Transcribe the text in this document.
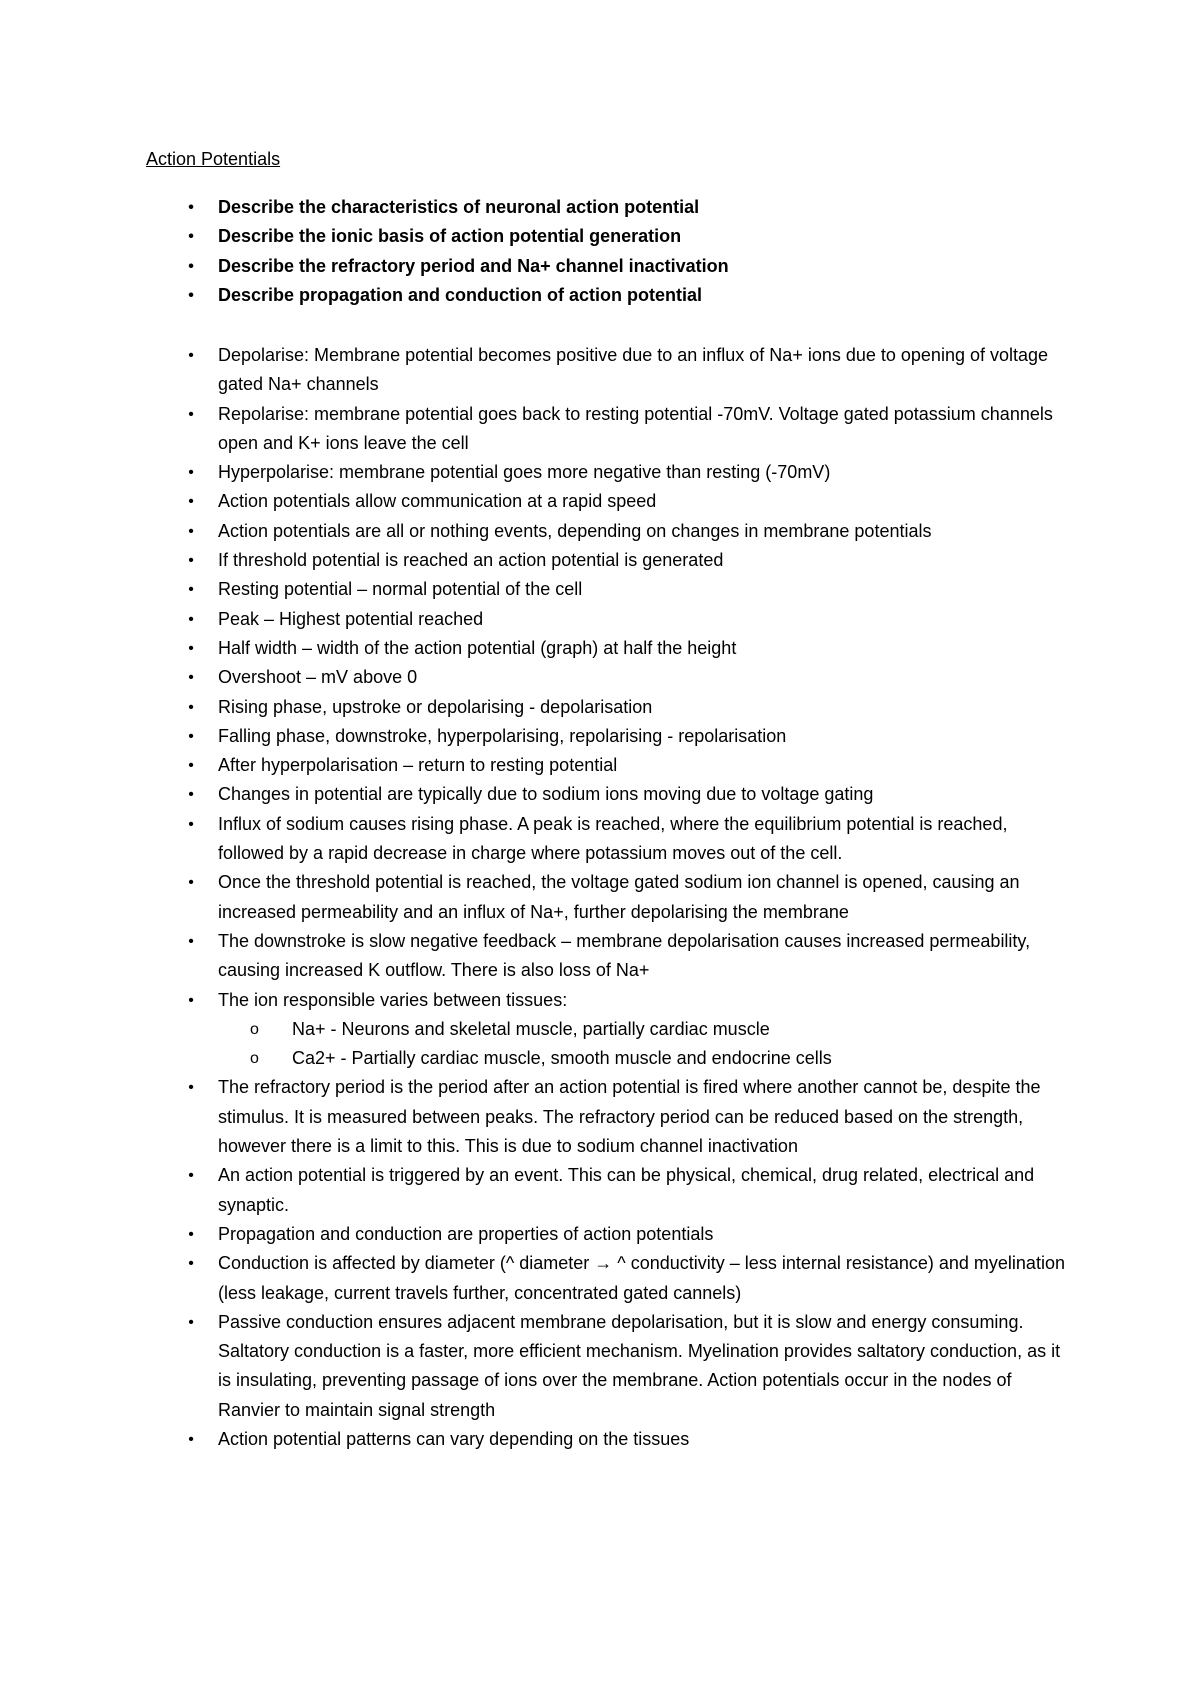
Action Potentials
• Describe the characteristics of neuronal action potential
• Describe the ionic basis of action potential generation
• Describe the refractory period and Na+ channel inactivation
• Describe propagation and conduction of action potential
• Depolarise: Membrane potential becomes positive due to an influx of Na+ ions due to opening of voltage gated Na+ channels
• Repolarise: membrane potential goes back to resting potential -70mV. Voltage gated potassium channels open and K+ ions leave the cell
• Hyperpolarise: membrane potential goes more negative than resting (-70mV)
• Action potentials allow communication at a rapid speed
• Action potentials are all or nothing events, depending on changes in membrane potentials
• If threshold potential is reached an action potential is generated
• Resting potential – normal potential of the cell
• Peak – Highest potential reached
• Half width – width of the action potential (graph) at half the height
• Overshoot – mV above 0
• Rising phase, upstroke or depolarising - depolarisation
• Falling phase, downstroke, hyperpolarising, repolarising - repolarisation
• After hyperpolarisation – return to resting potential
• Changes in potential are typically due to sodium ions moving due to voltage gating
• Influx of sodium causes rising phase. A peak is reached, where the equilibrium potential is reached, followed by a rapid decrease in charge where potassium moves out of the cell.
• Once the threshold potential is reached, the voltage gated sodium ion channel is opened, causing an increased permeability and an influx of Na+, further depolarising the membrane
• The downstroke is slow negative feedback – membrane depolarisation causes increased permeability, causing increased K outflow. There is also loss of Na+
• The ion responsible varies between tissues:
o Na+ - Neurons and skeletal muscle, partially cardiac muscle
o Ca2+ - Partially cardiac muscle, smooth muscle and endocrine cells
• The refractory period is the period after an action potential is fired where another cannot be, despite the stimulus. It is measured between peaks. The refractory period can be reduced based on the strength, however there is a limit to this. This is due to sodium channel inactivation
• An action potential is triggered by an event. This can be physical, chemical, drug related, electrical and synaptic.
• Propagation and conduction are properties of action potentials
• Conduction is affected by diameter (^ diameter → ^ conductivity – less internal resistance) and myelination (less leakage, current travels further, concentrated gated cannels)
• Passive conduction ensures adjacent membrane depolarisation, but it is slow and energy consuming. Saltatory conduction is a faster, more efficient mechanism. Myelination provides saltatory conduction, as it is insulating, preventing passage of ions over the membrane. Action potentials occur in the nodes of Ranvier to maintain signal strength
• Action potential patterns can vary depending on the tissues
